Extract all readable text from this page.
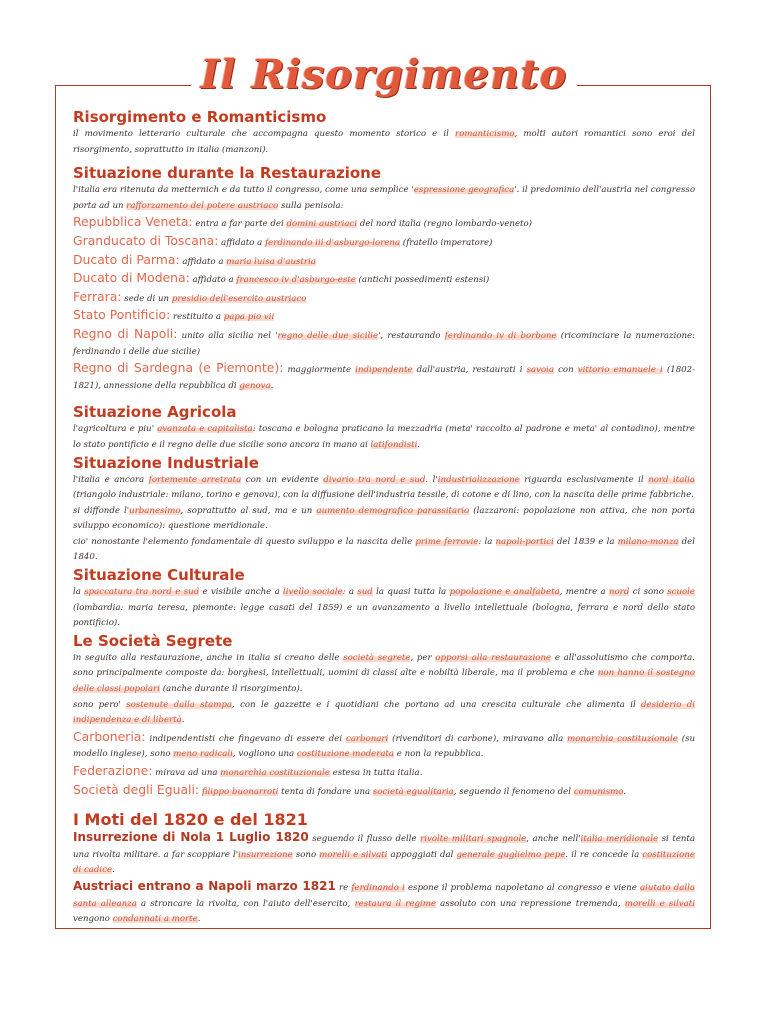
Il Risorgimento
Risorgimento e Romanticismo

il movimento letterario culturale che accompagna questo momento storico e il romanticismo, molti autori romantici sono eroi del risorgimento, soprattutto in italia (manzoni).

Situazione durante la Restaurazione

l'italia era ritenuta da metternich e da tutto il congresso, come una semplice 'espressione geografica'. il predominio dell'austria nel congresso porta ad un rafforzamento del potere austriaco sulla penisola:

Repubblica Veneta: entra a far parte dei domini austriaci del nord italia (regno lombardo-veneto)

Granducato di Toscana: affidato a ferdinando iii d'asburgo-lorena (fratello imperatore)

Ducato di Parma: affidato a maria luisa d'austria

Ducato di Modena: affidato a francesco iv d'asburgo-este (antichi possedimenti estensi)

Ferrara: sede di un presidio dell'esercito austriaco

Stato Pontificio: restituito a papa pio vii

Regno di Napoli: unito alla sicilia nel 'regno delle due sicilie', restaurando ferdinando iv di borbone (ricominciare la numerazione: ferdinando i delle due sicilie)

Regno di Sardegna (e Piemonte): maggiormente indipendente dall'austria, restaurati i savoia con vittorio emanuele i (1802-1821), annessione della repubblica di genova.

Situazione Agricola

l'agricoltura e piu' avanzata e capitalista: toscana e bologna praticano la mezzadria (meta' raccolto al padrone e meta' al contadino), mentre lo stato pontificio e il regno delle due sicilie sono ancora in mano ai latifondisti.

Situazione Industriale

l'italia e ancora fortemente arretrata con un evidente divario tra nord e sud. l'industrializzazione riguarda esclusivamente il nord italia (triangolo industriale: milano, torino e genova), con la diffusione dell'industria tessile, di cotone e di lino, con la nascita delle prime fabbriche.

si diffonde l'urbanesimo, soprattutto al sud, ma e un aumento demografico parassitario (lazzaroni: popolazione non attiva, che non porta sviluppo economico): questione meridionale.

cio' nonostante l'elemento fondamentale di questo sviluppo e la nascita delle prime ferrovie: la napoli-portici del 1839 e la milano-monza del 1840.

Situazione Culturale

la spaccatura tra nord e sud e visibile anche a livello sociale: a sud la quasi tutta la popolazione e analfabeta, mentre a nord ci sono scuole (lombardia: maria teresa, piemonte: legge casati del 1859) e un avanzamento a livello intellettuale (bologna, ferrara e nord dello stato pontificio).

Le Società Segrete

in seguito alla restaurazione, anche in italia si creano delle società segrete, per opporsi alla restaurazione e all'assolutismo che comporta. sono principalmente composte da: borghesi, intellettuali, uomini di classi alte e nobiltà liberale, ma il problema e che non hanno il sostegno delle classi popolari (anche durante il risorgimento).

sono pero' sostenute dalla stampa, con le gazzette e i quotidiani che portano ad una crescita culturale che alimenta il desiderio di indipendenza e di libertà.

Carboneria: indipendentisti che fingevano di essere dei carbonari (rivenditori di carbone), miravano alla monarchia costituzionale (su modello inglese), sono meno radicali, vogliono una costituzione moderata e non la repubblica.

Federazione: mirava ad una monarchia costituzionale estesa in tutta italia.

Società degli Eguali: filippo buonarroti tenta di fondare una società egualitaria, seguendo il fenomeno del comunismo.

I Moti del 1820 e del 1821

Insurrezione di Nola 1 Luglio 1820 seguendo il flusso delle rivolte militari spagnole, anche nell'italia meridionale si tenta una rivolta militare. a far scoppiare l'insurrezione sono morelli e silvati appoggiati dal generale guglielmo pepe. il re concede la costituzione di cadice.

Austriaci entrano a Napoli marzo 1821 re ferdinando i espone il problema napoletano al congresso e viene aiutato dalla santa alleanza a stroncare la rivolta, con l'aiuto dell'esercito, restaura il regime assoluto con una repressione tremenda, morelli e silvati vengono condannati a morte.
